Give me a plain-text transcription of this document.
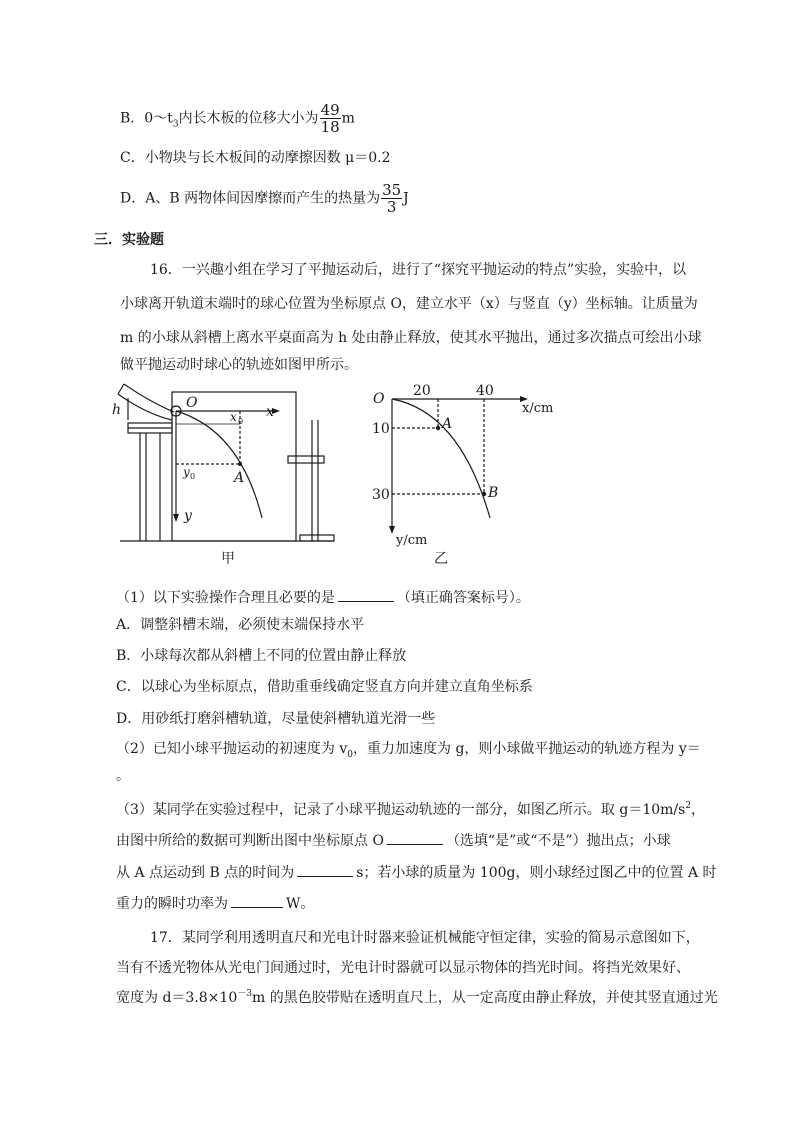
B．$0\sim t_3$内长木板的位移大小为 $\frac{49}{18}$ m
C．小物块与长木板间的动摩擦因数 μ＝0.2
D．A、B 两物体间因摩擦而产生的热量为 $\frac{35}{3}$ J
三．实验题
16．一兴趣小组在学习了平抛运动后，进行了“探究平抛运动的特点”实验，实验中，以
小球离开轨道末端时的球心位置为坐标原点 O，建立水平（x）与竖直（y）坐标轴。让质量为
m 的小球从斜槽上离水平桌面高为 h 处由静止释放，使其水平抛出，通过多次描点可绘出小球
做平抛运动时球心的轨迹如图甲所示。
h	O
x
x 0
y 0	A
y
甲
O 20	40
x/cm
10
30
A
B
y/cm
乙
（1）以下实验操作合理且必要的是	（填正确答案标号）。
A．调整斜槽末端，必须使末端保持水平
B．小球每次都从斜槽上不同的位置由静止释放
C．以球心为坐标原点，借助重垂线确定竖直方向并建立直角坐标系
D．用砂纸打磨斜槽轨道，尽量使斜槽轨道光滑一些
（2）已知小球平抛运动的初速度为 $v_0$，重力加速度为 g，则小球做平抛运动的轨迹方程为 y＝
。
（3）某同学在实验过程中，记录了小球平抛运动轨迹的一部分，如图乙所示。取 $g=10m/s^2$，
由图中所给的数据可判断出图中坐标原点 O	（选填“是”或“不是”）抛出点；小球
从 A 点运动到 B 点的时间为	s；若小球的质量为 100g，则小球经过图乙中的位置 A 时
重力的瞬时功率为	W。
17．某同学利用透明直尺和光电计时器来验证机械能守恒定律，实验的简易示意图如下，
当有不透光物体从光电门间通过时，光电计时器就可以显示物体的挡光时间。将挡光效果好、
宽度为 $d=3.8\times 10^{-3}m$ 的黑色胶带贴在透明直尺上，从一定高度由静止释放，并使其竖直通过光
